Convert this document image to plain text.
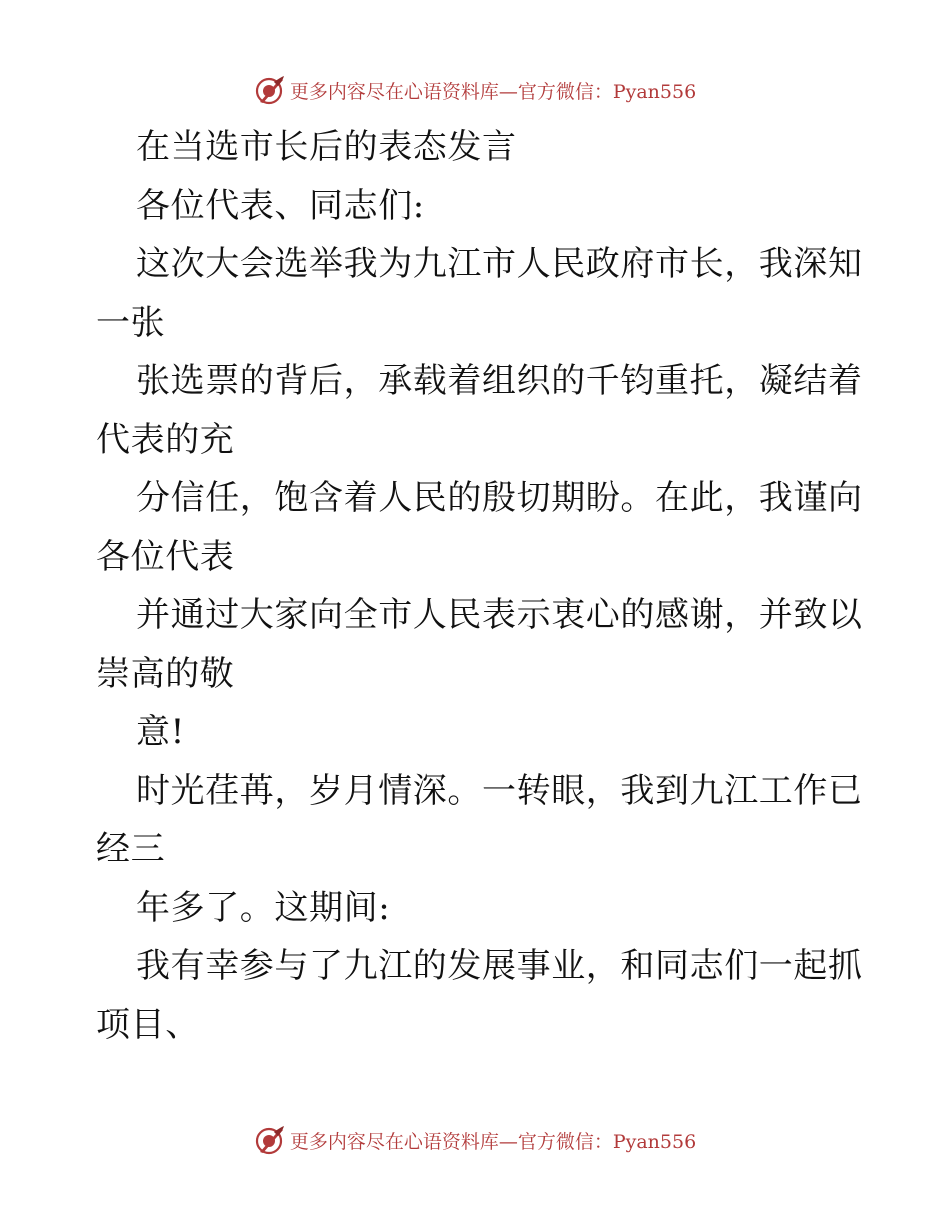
更多内容尽在心语资料库—官方微信：Pyan556
在当选市长后的表态发言
各位代表、同志们:
这次大会选举我为九江市人民政府市长，我深知
一张
张选票的背后，承载着组织的千钧重托，凝结着
代表的充
分信任，饱含着人民的殷切期盼。在此，我谨向
各位代表
并通过大家向全市人民表示衷心的感谢，并致以
崇高的敬
意!
时光荏苒，岁月情深。一转眼，我到九江工作已
经三
年多了。这期间:
我有幸参与了九江的发展事业，和同志们一起抓
项目、
更多内容尽在心语资料库—官方微信：Pyan556
